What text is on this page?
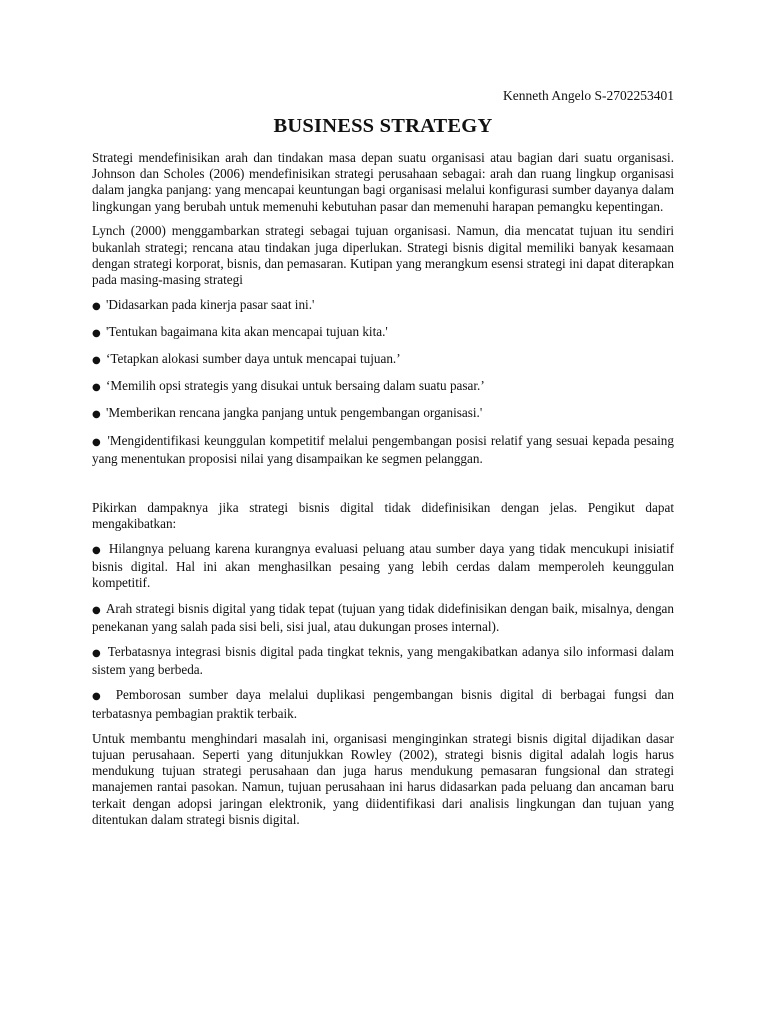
Kenneth Angelo S-2702253401
BUSINESS STRATEGY

Strategi mendefinisikan arah dan tindakan masa depan suatu organisasi atau bagian dari suatu organisasi. Johnson dan Scholes (2006) mendefinisikan strategi perusahaan sebagai: arah dan ruang lingkup organisasi dalam jangka panjang: yang mencapai keuntungan bagi organisasi melalui konfigurasi sumber dayanya dalam lingkungan yang berubah untuk memenuhi kebutuhan pasar dan memenuhi harapan pemangku kepentingan.

Lynch (2000) menggambarkan strategi sebagai tujuan organisasi. Namun, dia mencatat tujuan itu sendiri bukanlah strategi; rencana atau tindakan juga diperlukan. Strategi bisnis digital memiliki banyak kesamaan dengan strategi korporat, bisnis, dan pemasaran. Kutipan yang merangkum esensi strategi ini dapat diterapkan pada masing-masing strategi

● 'Didasarkan pada kinerja pasar saat ini.'

● 'Tentukan bagaimana kita akan mencapai tujuan kita.'

● ‘Tetapkan alokasi sumber daya untuk mencapai tujuan.’

● ‘Memilih opsi strategis yang disukai untuk bersaing dalam suatu pasar.’

● 'Memberikan rencana jangka panjang untuk pengembangan organisasi.'

● 'Mengidentifikasi keunggulan kompetitif melalui pengembangan posisi relatif yang sesuai kepada pesaing yang menentukan proposisi nilai yang disampaikan ke segmen pelanggan.

Pikirkan dampaknya jika strategi bisnis digital tidak didefinisikan dengan jelas. Pengikut dapat mengakibatkan:

● Hilangnya peluang karena kurangnya evaluasi peluang atau sumber daya yang tidak mencukupi inisiatif bisnis digital. Hal ini akan menghasilkan pesaing yang lebih cerdas dalam memperoleh keunggulan kompetitif.

● Arah strategi bisnis digital yang tidak tepat (tujuan yang tidak didefinisikan dengan baik, misalnya, dengan penekanan yang salah pada sisi beli, sisi jual, atau dukungan proses internal).

● Terbatasnya integrasi bisnis digital pada tingkat teknis, yang mengakibatkan adanya silo informasi dalam sistem yang berbeda.

● Pemborosan sumber daya melalui duplikasi pengembangan bisnis digital di berbagai fungsi dan terbatasnya pembagian praktik terbaik.

Untuk membantu menghindari masalah ini, organisasi menginginkan strategi bisnis digital dijadikan dasar tujuan perusahaan. Seperti yang ditunjukkan Rowley (2002), strategi bisnis digital adalah logis harus mendukung tujuan strategi perusahaan dan juga harus mendukung pemasaran fungsional dan strategi manajemen rantai pasokan. Namun, tujuan perusahaan ini harus didasarkan pada peluang dan ancaman baru terkait dengan adopsi jaringan elektronik, yang diidentifikasi dari analisis lingkungan dan tujuan yang ditentukan dalam strategi bisnis digital.
